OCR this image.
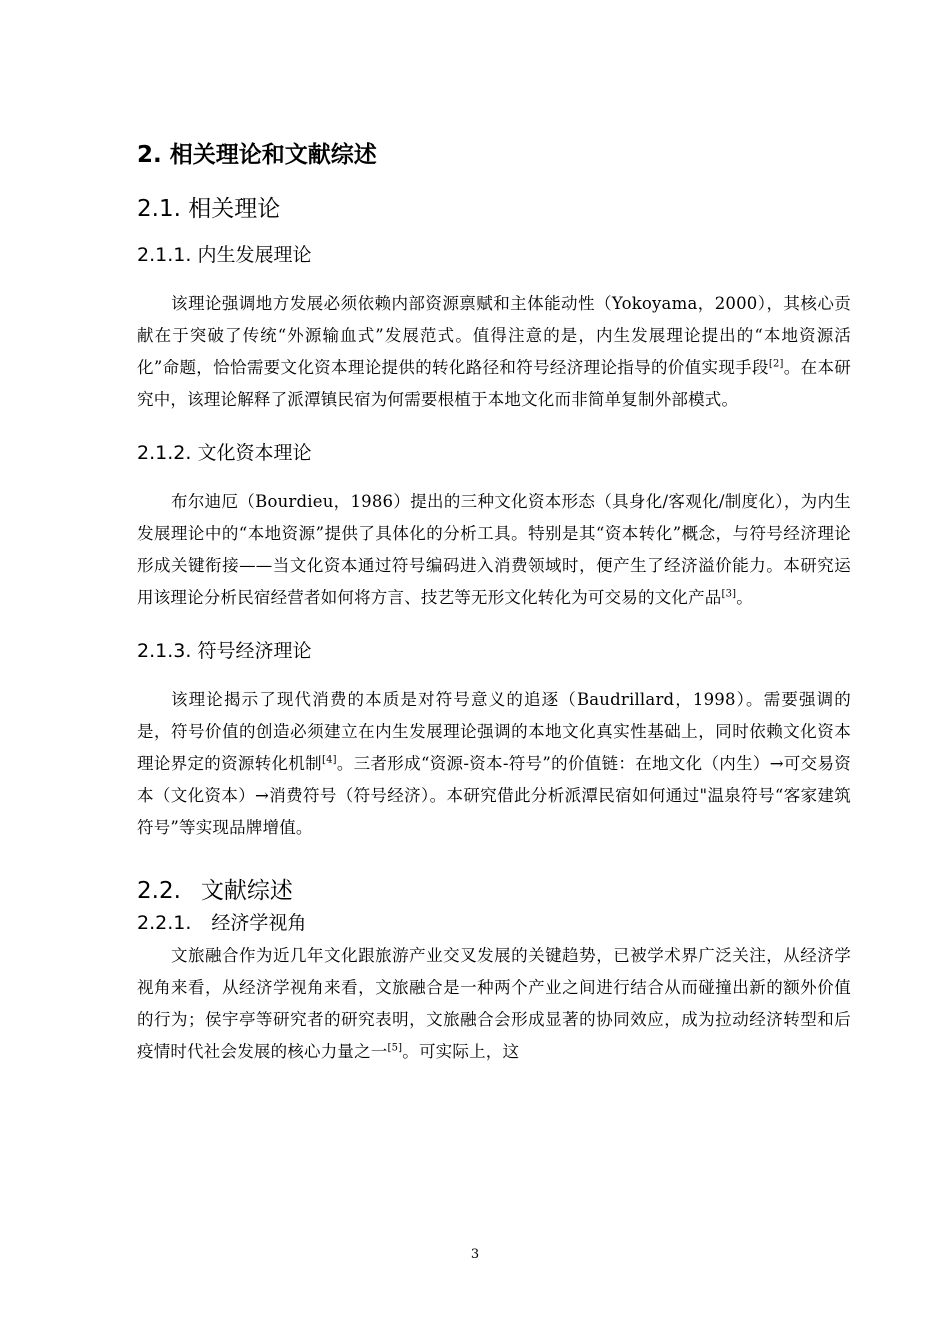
2. 相关理论和文献综述
2.1. 相关理论
2.1.1. 内生发展理论

该理论强调地方发展必须依赖内部资源禀赋和主体能动性（Yokoyama，2000），其核心贡献在于突破了传统“外源输血式”发展范式。值得注意的是，内生发展理论提出的“本地资源活化”命题，恰恰需要文化资本理论提供的转化路径和符号经济理论指导的价值实现手段[2]。在本研究中，该理论解释了派潭镇民宿为何需要根植于本地文化而非简单复制外部模式。

2.1.2. 文化资本理论

布尔迪厄（Bourdieu，1986）提出的三种文化资本形态（具身化/客观化/制度化），为内生发展理论中的“本地资源”提供了具体化的分析工具。特别是其“资本转化”概念，与符号经济理论形成关键衔接——当文化资本通过符号编码进入消费领域时，便产生了经济溢价能力。本研究运用该理论分析民宿经营者如何将方言、技艺等无形文化转化为可交易的文化产品[3]。

2.1.3. 符号经济理论

该理论揭示了现代消费的本质是对符号意义的追逐（Baudrillard，1998）。需要强调的是，符号价值的创造必须建立在内生发展理论强调的本地文化真实性基础上，同时依赖文化资本理论界定的资源转化机制[4]。三者形成“资源-资本-符号”的价值链：在地文化（内生）→可交易资本（文化资本）→消费符号（符号经济）。本研究借此分析派潭民宿如何通过"温泉符号“客家建筑符号”等实现品牌增值。

2.2. 文献综述
2.2.1. 经济学视角

文旅融合作为近几年文化跟旅游产业交叉发展的关键趋势，已被学术界广泛关注，从经济学视角来看，从经济学视角来看，文旅融合是一种两个产业之间进行结合从而碰撞出新的额外价值的行为；侯宇亭等研究者的研究表明，文旅融合会形成显著的协同效应，成为拉动经济转型和后疫情时代社会发展的核心力量之一[5]。可实际上，这

3
